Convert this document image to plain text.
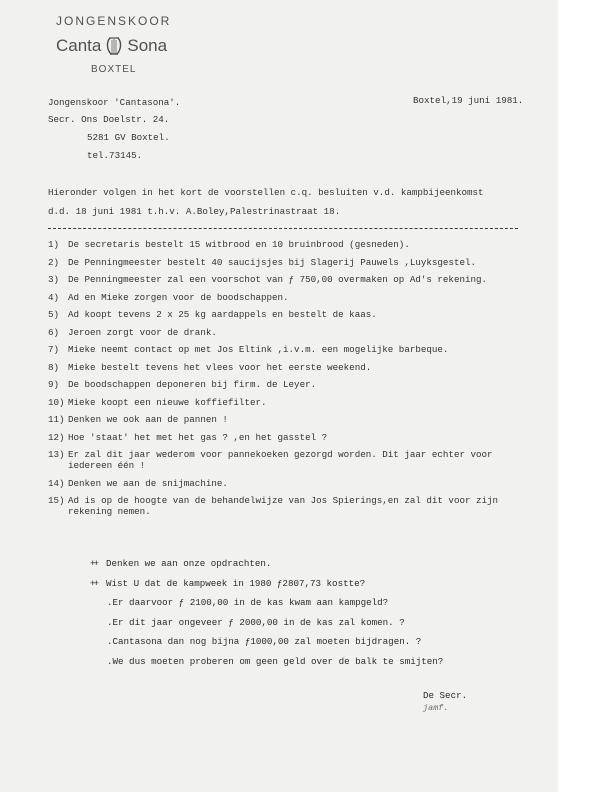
JONGENSKOOR

Canta Sona

BOXTEL

Jongenskoor 'Cantasona'.
Secr. Ons Doelstr. 24.
5281 GV Boxtel.
tel.73145.
Boxtel,19 juni 1981.
Hieronder volgen in het kort de voorstellen c.q. besluiten v.d. kampbijeenkomst
d.d. 18 juni 1981 t.h.v. A.Boley,Palestrinastraat 18.
1) De secretaris bestelt 15 witbrood en 10 bruinbrood (gesneden).
2) De Penningmeester bestelt 40 saucijsjes bij Slagerij Pauwels ,Luyksgestel.
3) De Penningmeester zal een voorschot van ƒ 750,00 overmaken op Ad's rekening.
4) Ad en Mieke zorgen voor de boodschappen.
5) Ad koopt tevens 2 x 25 kg aardappels en bestelt de kaas.
6) Jeroen zorgt voor de drank.
7) Mieke neemt contact op met Jos Eltink ,i.v.m. een mogelijke barbeque.
8) Mieke bestelt tevens het vlees voor het eerste weekend.
9) De boodschappen deponeren bij firm. de Leyer.
10) Mieke koopt een nieuwe koffiefilter.
11) Denken we ook aan de pannen !
12) Hoe 'staat' het met het gas ? ,en het gasstel ?
13) Er zal dit jaar wederom voor pannekoeken gezorgd worden. Dit jaar echter voor
iedereen één !
14) Denken we aan de snijmachine.
15) Ad is op de hoogte van de behandelwijze van Jos Spierings,en zal dit voor zijn
rekening nemen.
++ Denken we aan onze opdrachten.
++ Wist U dat de kampweek in 1980 ƒ2807,73 kostte?
.Er daarvoor ƒ 2100,00 in de kas kwam aan kampgeld?
.Er dit jaar ongeveer ƒ 2000,00 in de kas zal komen. ?
.Cantasona dan nog bijna ƒ1000,00 zal moeten bijdragen. ?
.We dus moeten proberen om geen geld over de balk te smijten?
De Secr.
jamf.
